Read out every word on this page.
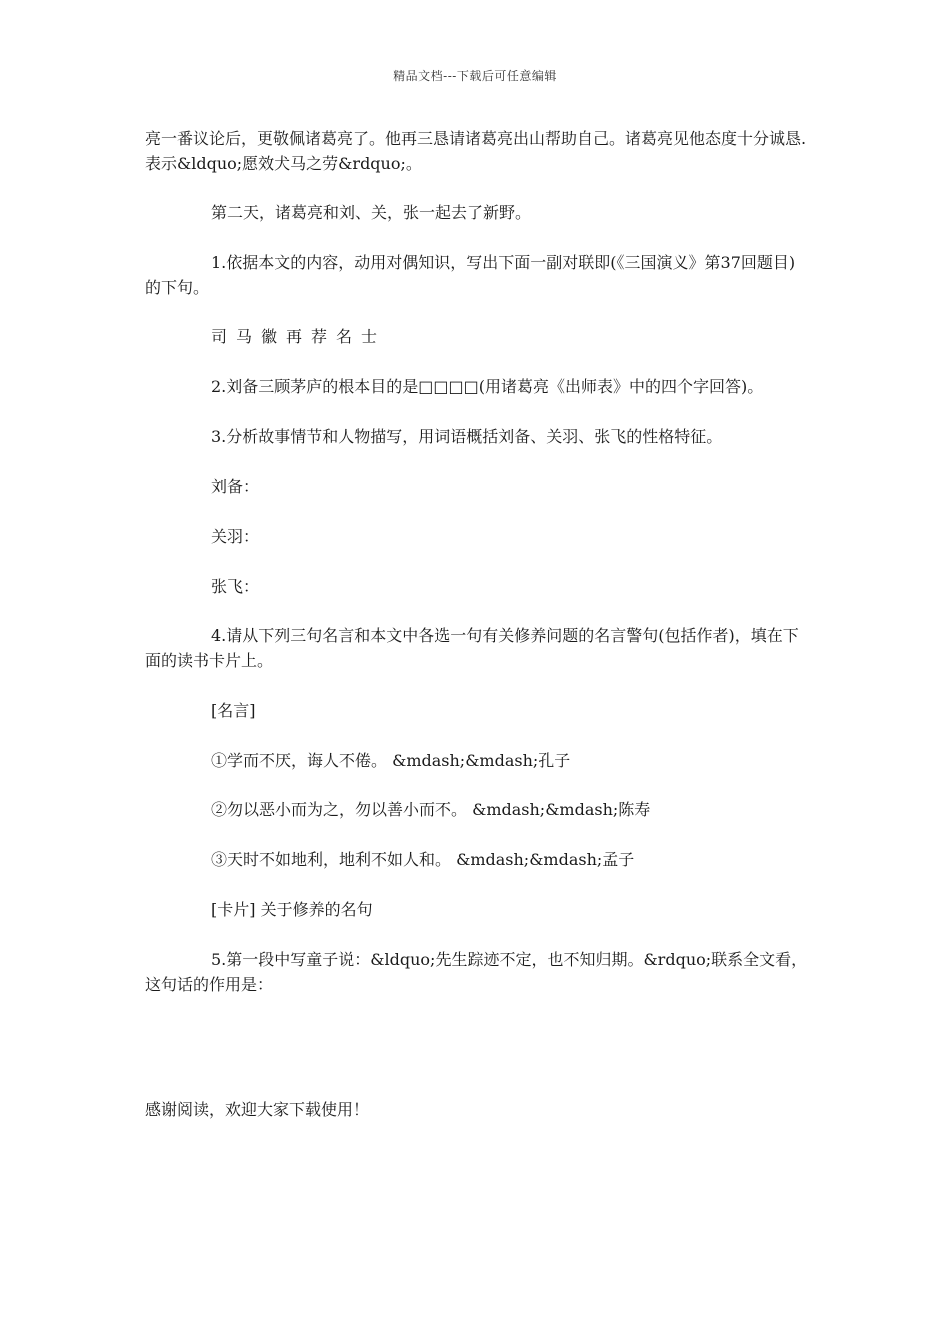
精品文档---下载后可任意编辑

亮一番议论后，更敬佩诸葛亮了。他再三恳请诸葛亮出山帮助自己。诸葛亮见他态度十分诚恳.表示&ldquo;愿效犬马之劳&rdquo;。

第二天，诸葛亮和刘、关，张一起去了新野。

1.依据本文的内容，动用对偶知识，写出下面一副对联即(《三国演义》第37回题目)的下句。

司马徽再荐名士

2.刘备三顾茅庐的根本目的是□□□□(用诸葛亮《出师表》中的四个字回答)。

3.分析故事情节和人物描写，用词语概括刘备、关羽、张飞的性格特征。

刘备：

关羽：

张飞：

4.请从下列三句名言和本文中各选一句有关修养问题的名言警句(包括作者)，填在下面的读书卡片上。

[名言]

①学而不厌，诲人不倦。 &mdash;&mdash;孔子

②勿以恶小而为之，勿以善小而不。 &mdash;&mdash;陈寿

③天时不如地利，地利不如人和。 &mdash;&mdash;孟子

[卡片] 关于修养的名句

5.第一段中写童子说：&ldquo;先生踪迹不定，也不知归期。&rdquo;联系全文看，这句话的作用是：

感谢阅读，欢迎大家下载使用！
